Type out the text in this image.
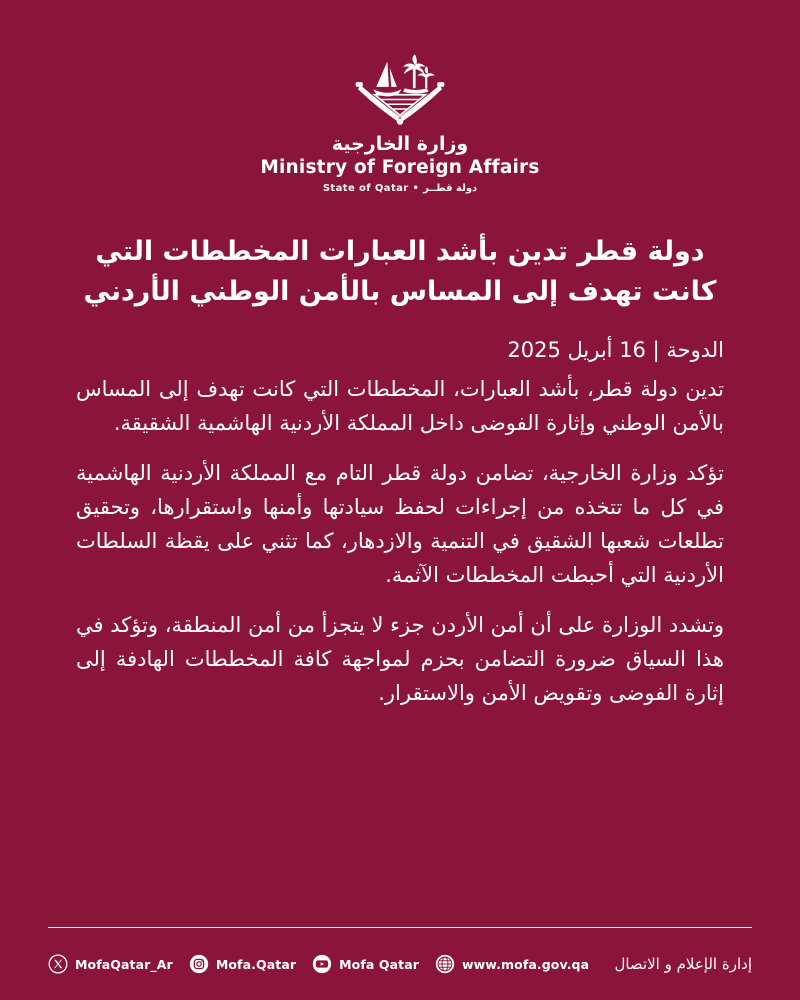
وزارة الخارجية
Ministry of Foreign Affairs
State of Qatar • دولة قطــر
دولة قطر تدين بأشد العبارات المخططات التي كانت تهدف إلى المساس بالأمن الوطني الأردني
الدوحة | 16 أبريل 2025

تدين دولة قطر، بأشد العبارات، المخططات التي كانت تهدف إلى المساس بالأمن الوطني وإثارة الفوضى داخل المملكة الأردنية الهاشمية الشقيقة.

تؤكد وزارة الخارجية، تضامن دولة قطر التام مع المملكة الأردنية الهاشمية في كل ما تتخذه من إجراءات لحفظ سيادتها وأمنها واستقرارها، وتحقيق تطلعات شعبها الشقيق في التنمية والازدهار، كما تثني على يقظة السلطات الأردنية التي أحبطت المخططات الآثمة.

وتشدد الوزارة على أن أمن الأردن جزء لا يتجزأ من أمن المنطقة، وتؤكد في هذا السياق ضرورة التضامن بحزم لمواجهة كافة المخططات الهادفة إلى إثارة الفوضى وتقويض الأمن والاستقرار.

MofaQatar_Ar	Mofa.Qatar	Mofa Qatar	www.mofa.gov.qa إدارة الإعلام و الاتصال
